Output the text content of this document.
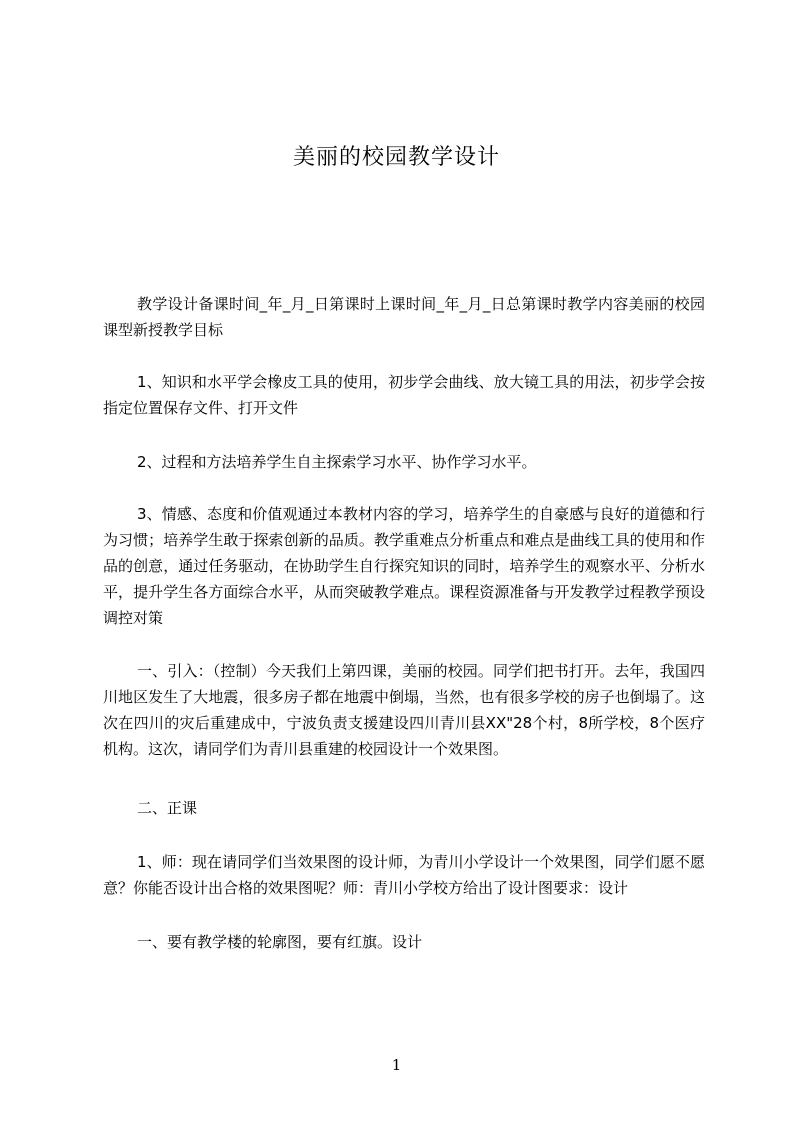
美丽的校园教学设计
教学设计备课时间_年_月_日第课时上课时间_年_月_日总第课时教学内容美丽的校园课型新授教学目标
1、知识和水平学会橡皮工具的使用，初步学会曲线、放大镜工具的用法，初步学会按指定位置保存文件、打开文件
2、过程和方法培养学生自主探索学习水平、协作学习水平。
3、情感、态度和价值观通过本教材内容的学习，培养学生的自豪感与良好的道德和行为习惯；培养学生敢于探索创新的品质。教学重难点分析重点和难点是曲线工具的使用和作品的创意，通过任务驱动，在协助学生自行探究知识的同时，培养学生的观察水平、分析水平，提升学生各方面综合水平，从而突破教学难点。课程资源准备与开发教学过程教学预设调控对策
一、引入：（控制）今天我们上第四课，美丽的校园。同学们把书打开。去年，我国四川地区发生了大地震，很多房子都在地震中倒塌，当然，也有很多学校的房子也倒塌了。这次在四川的灾后重建成中，宁波负责支援建设四川青川县XX"28个村，8所学校，8个医疗机构。这次，请同学们为青川县重建的校园设计一个效果图。
二、正课
1、师：现在请同学们当效果图的设计师，为青川小学设计一个效果图，同学们愿不愿意？你能否设计出合格的效果图呢？师：青川小学校方给出了设计图要求：设计
一、要有教学楼的轮廓图，要有红旗。设计
1
